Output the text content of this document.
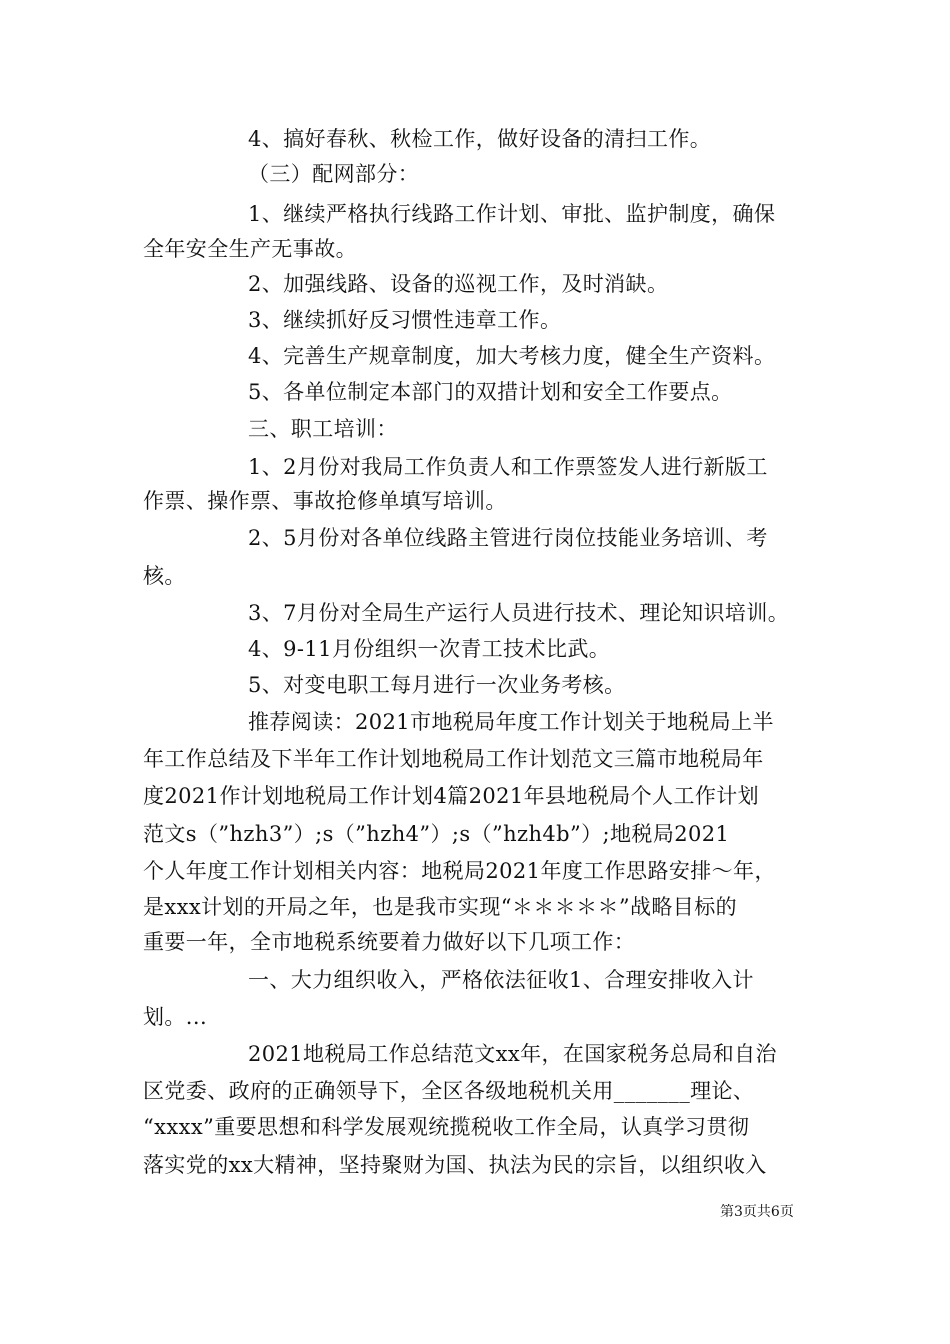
4、搞好春秋、秋检工作，做好设备的清扫工作。
（三）配网部分：
1、继续严格执行线路工作计划、审批、监护制度，确保
全年安全生产无事故。
2、加强线路、设备的巡视工作，及时消缺。
3、继续抓好反习惯性违章工作。
4、完善生产规章制度，加大考核力度，健全生产资料。
5、各单位制定本部门的双措计划和安全工作要点。
三、职工培训：
1、2月份对我局工作负责人和工作票签发人进行新版工
作票、操作票、事故抢修单填写培训。
2、5月份对各单位线路主管进行岗位技能业务培训、考
核。
3、7月份对全局生产运行人员进行技术、理论知识培训。
4、9-11月份组织一次青工技术比武。
5、对变电职工每月进行一次业务考核。
推荐阅读：2021市地税局年度工作计划关于地税局上半
年工作总结及下半年工作计划地税局工作计划范文三篇市地税局年
度2021作计划地税局工作计划4篇2021年县地税局个人工作计划
范文s（”hzh3”）;s（”hzh4”）;s（”hzh4b”）;地税局2021
个人年度工作计划相关内容：地税局2021年度工作思路安排～年，
是xxx计划的开局之年，也是我市实现“＊＊＊＊＊”战略目标的
重要一年，全市地税系统要着力做好以下几项工作：
一、大力组织收入，严格依法征收1、合理安排收入计
划。...
2021地税局工作总结范文xx年，在国家税务总局和自治
区党委、政府的正确领导下，全区各级地税机关用_______理论、
“xxxx”重要思想和科学发展观统揽税收工作全局，认真学习贯彻
落实党的xx大精神，坚持聚财为国、执法为民的宗旨，以组织收入
第3页共6页
